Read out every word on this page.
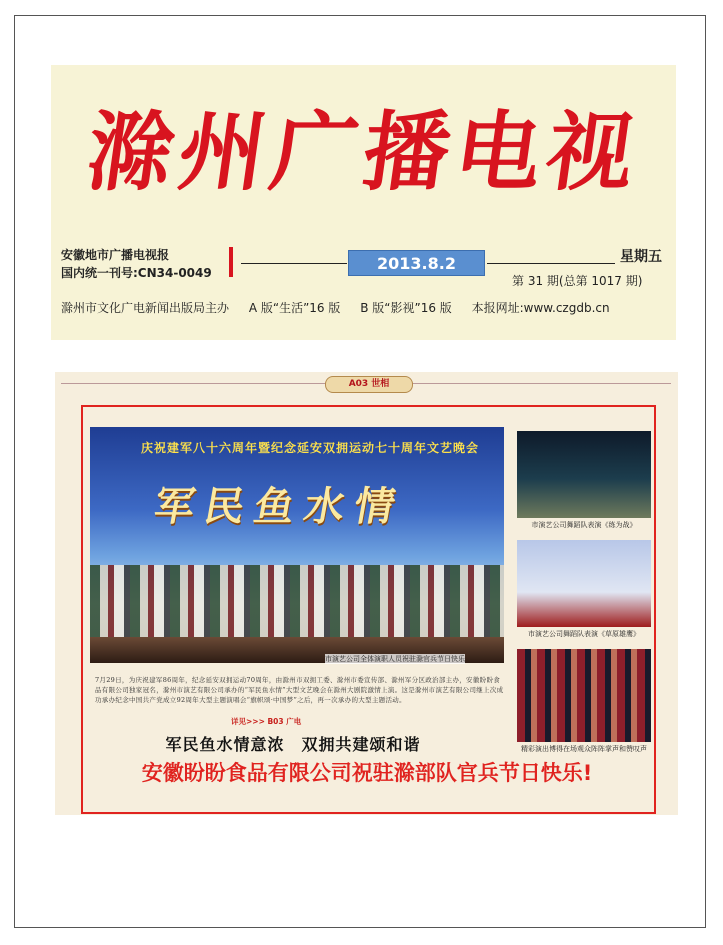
滁州广播电视
安徽地市广播电视报
国内统一刊号:CN34-0049	2013.8.2	星期五
第 31 期(总第 1017 期)
滁州市文化广电新闻出版局主办 A 版“生活”16 版 B 版“影视”16 版 本报网址:www.czgdb.cn
A03 世相
庆祝建军八十六周年暨纪念延安双拥运动七十周年文艺晚会
军民鱼水情
市演艺公司全体演职人员祝驻滁官兵节日快乐
市演艺公司舞蹈队表演《练为战》
市演艺公司舞蹈队表演《草原雄鹰》
精彩演出博得在场观众阵阵掌声和赞叹声
7月29日，为庆祝建军86周年，纪念延安双拥运动70周年，由滁州市双拥工委、滁州市委宣传部、滁州军分区政治部主办，安徽盼盼食品有限公司独家冠名，滁州市演艺有限公司承办的“军民鱼水情”大型文艺晚会在滁州大剧院激情上演。这是滁州市演艺有限公司继上次成功承办纪念中国共产党成立92周年大型主题演唱会“旗帜颂·中国梦”之后，再一次承办的大型主题活动。
详见>>> B03 广电
军民鱼水情意浓　双拥共建颂和谐
安徽盼盼食品有限公司祝驻滁部队官兵节日快乐!
